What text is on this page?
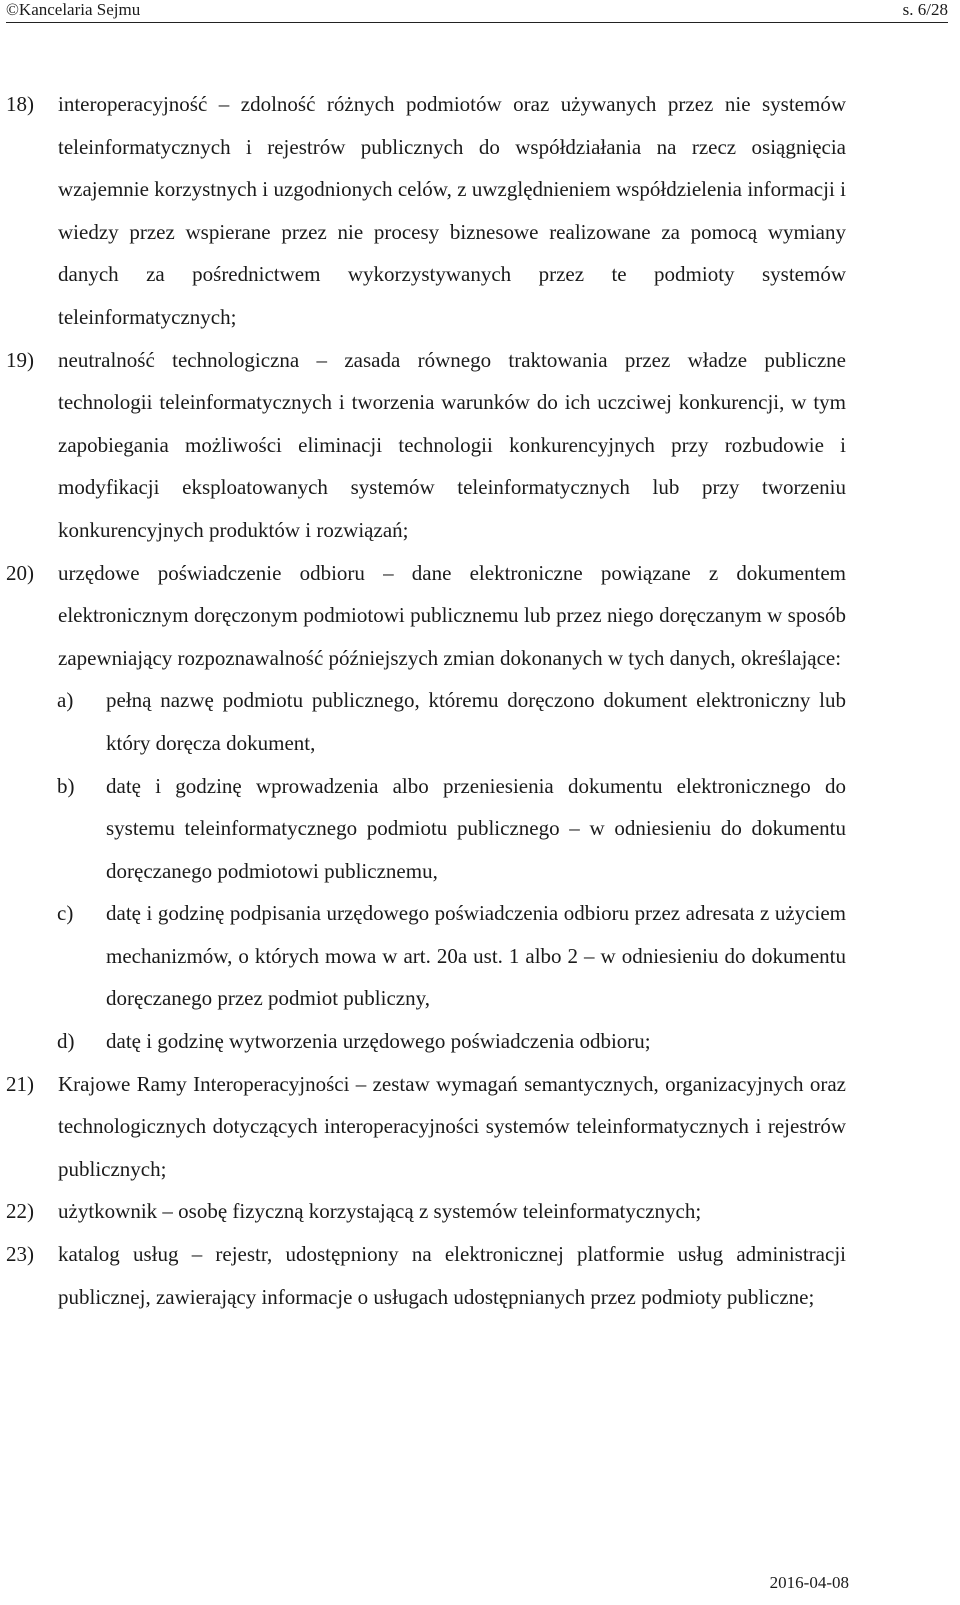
©Kancelaria Sejmu	s. 6/28
18) interoperacyjność – zdolność różnych podmiotów oraz używanych przez nie systemów teleinformatycznych i rejestrów publicznych do współdziałania na rzecz osiągnięcia wzajemnie korzystnych i uzgodnionych celów, z uwzględnieniem współdzielenia informacji i wiedzy przez wspierane przez nie procesy biznesowe realizowane za pomocą wymiany danych za pośrednictwem wykorzystywanych przez te podmioty systemów teleinformatycznych;
19) neutralność technologiczna – zasada równego traktowania przez władze publiczne technologii teleinformatycznych i tworzenia warunków do ich uczciwej konkurencji, w tym zapobiegania możliwości eliminacji technologii konkurencyjnych przy rozbudowie i modyfikacji eksploatowanych systemów teleinformatycznych lub przy tworzeniu konkurencyjnych produktów i rozwiązań;
20) urzędowe poświadczenie odbioru – dane elektroniczne powiązane z dokumentem elektronicznym doręczonym podmiotowi publicznemu lub przez niego doręczanym w sposób zapewniający rozpoznawalność późniejszych zmian dokonanych w tych danych, określające:
a) pełną nazwę podmiotu publicznego, któremu doręczono dokument elektroniczny lub który doręcza dokument,
b) datę i godzinę wprowadzenia albo przeniesienia dokumentu elektronicznego do systemu teleinformatycznego podmiotu publicznego – w odniesieniu do dokumentu doręczanego podmiotowi publicznemu,
c) datę i godzinę podpisania urzędowego poświadczenia odbioru przez adresata z użyciem mechanizmów, o których mowa w art. 20a ust. 1 albo 2 – w odniesieniu do dokumentu doręczanego przez podmiot publiczny,
d) datę i godzinę wytworzenia urzędowego poświadczenia odbioru;
21) Krajowe Ramy Interoperacyjności – zestaw wymagań semantycznych, organizacyjnych oraz technologicznych dotyczących interoperacyjności systemów teleinformatycznych i rejestrów publicznych;
22) użytkownik – osobę fizyczną korzystającą z systemów teleinformatycznych;
23) katalog usług – rejestr, udostępniony na elektronicznej platformie usług administracji publicznej, zawierający informacje o usługach udostępnianych przez podmioty publiczne;
2016-04-08
